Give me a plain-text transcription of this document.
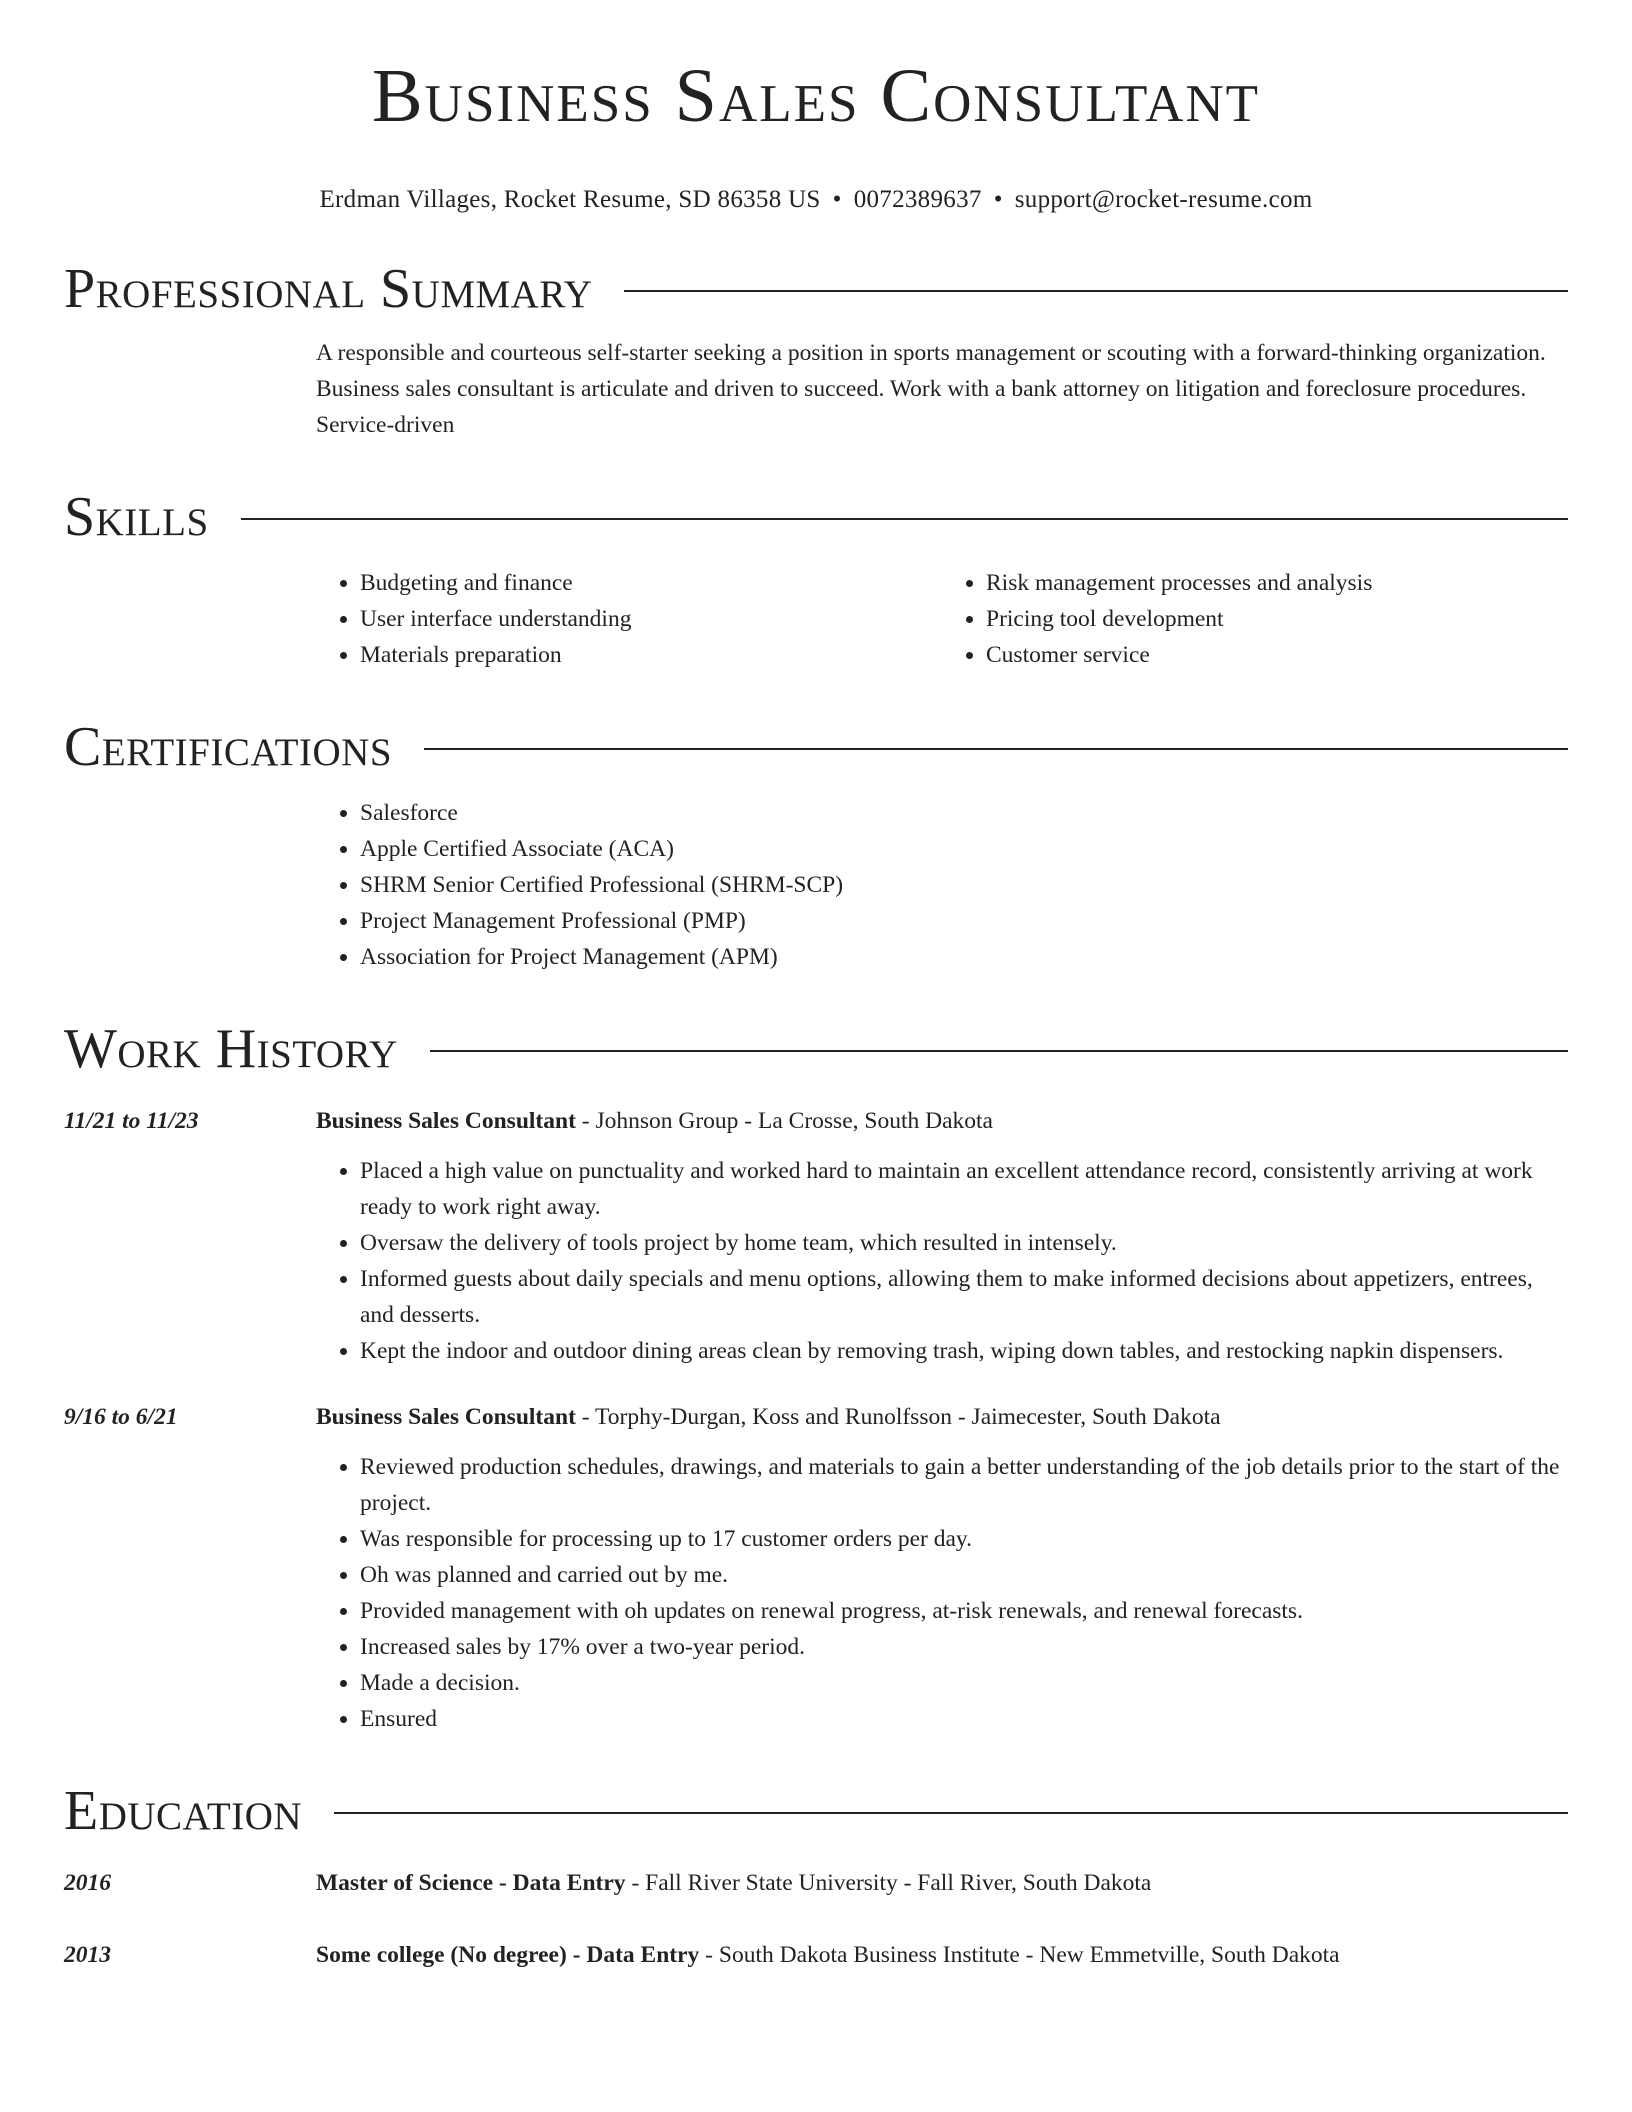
Business Sales Consultant
Erdman Villages, Rocket Resume, SD 86358 US • 0072389637 • support@rocket-resume.com
Professional Summary
A responsible and courteous self-starter seeking a position in sports management or scouting with a forward-thinking organization. Business sales consultant is articulate and driven to succeed. Work with a bank attorney on litigation and foreclosure procedures. Service-driven
Skills
• Budgeting and finance
• User interface understanding
• Materials preparation
• Risk management processes and analysis
• Pricing tool development
• Customer service
Certifications
• Salesforce
• Apple Certified Associate (ACA)
• SHRM Senior Certified Professional (SHRM-SCP)
• Project Management Professional (PMP)
• Association for Project Management (APM)
Work History
11/21 to 11/23	Business Sales Consultant - Johnson Group - La Crosse, South Dakota
• Placed a high value on punctuality and worked hard to maintain an excellent attendance record, consistently arriving at work ready to work right away.
• Oversaw the delivery of tools project by home team, which resulted in intensely.
• Informed guests about daily specials and menu options, allowing them to make informed decisions about appetizers, entrees, and desserts.
• Kept the indoor and outdoor dining areas clean by removing trash, wiping down tables, and restocking napkin dispensers.
9/16 to 6/21	Business Sales Consultant - Torphy-Durgan, Koss and Runolfsson - Jaimecester, South Dakota
• Reviewed production schedules, drawings, and materials to gain a better understanding of the job details prior to the start of the project.
• Was responsible for processing up to 17 customer orders per day.
• Oh was planned and carried out by me.
• Provided management with oh updates on renewal progress, at-risk renewals, and renewal forecasts.
• Increased sales by 17% over a two-year period.
• Made a decision.
• Ensured
Education
2016	Master of Science - Data Entry - Fall River State University - Fall River, South Dakota
2013	Some college (No degree) - Data Entry - South Dakota Business Institute - New Emmetville, South Dakota
